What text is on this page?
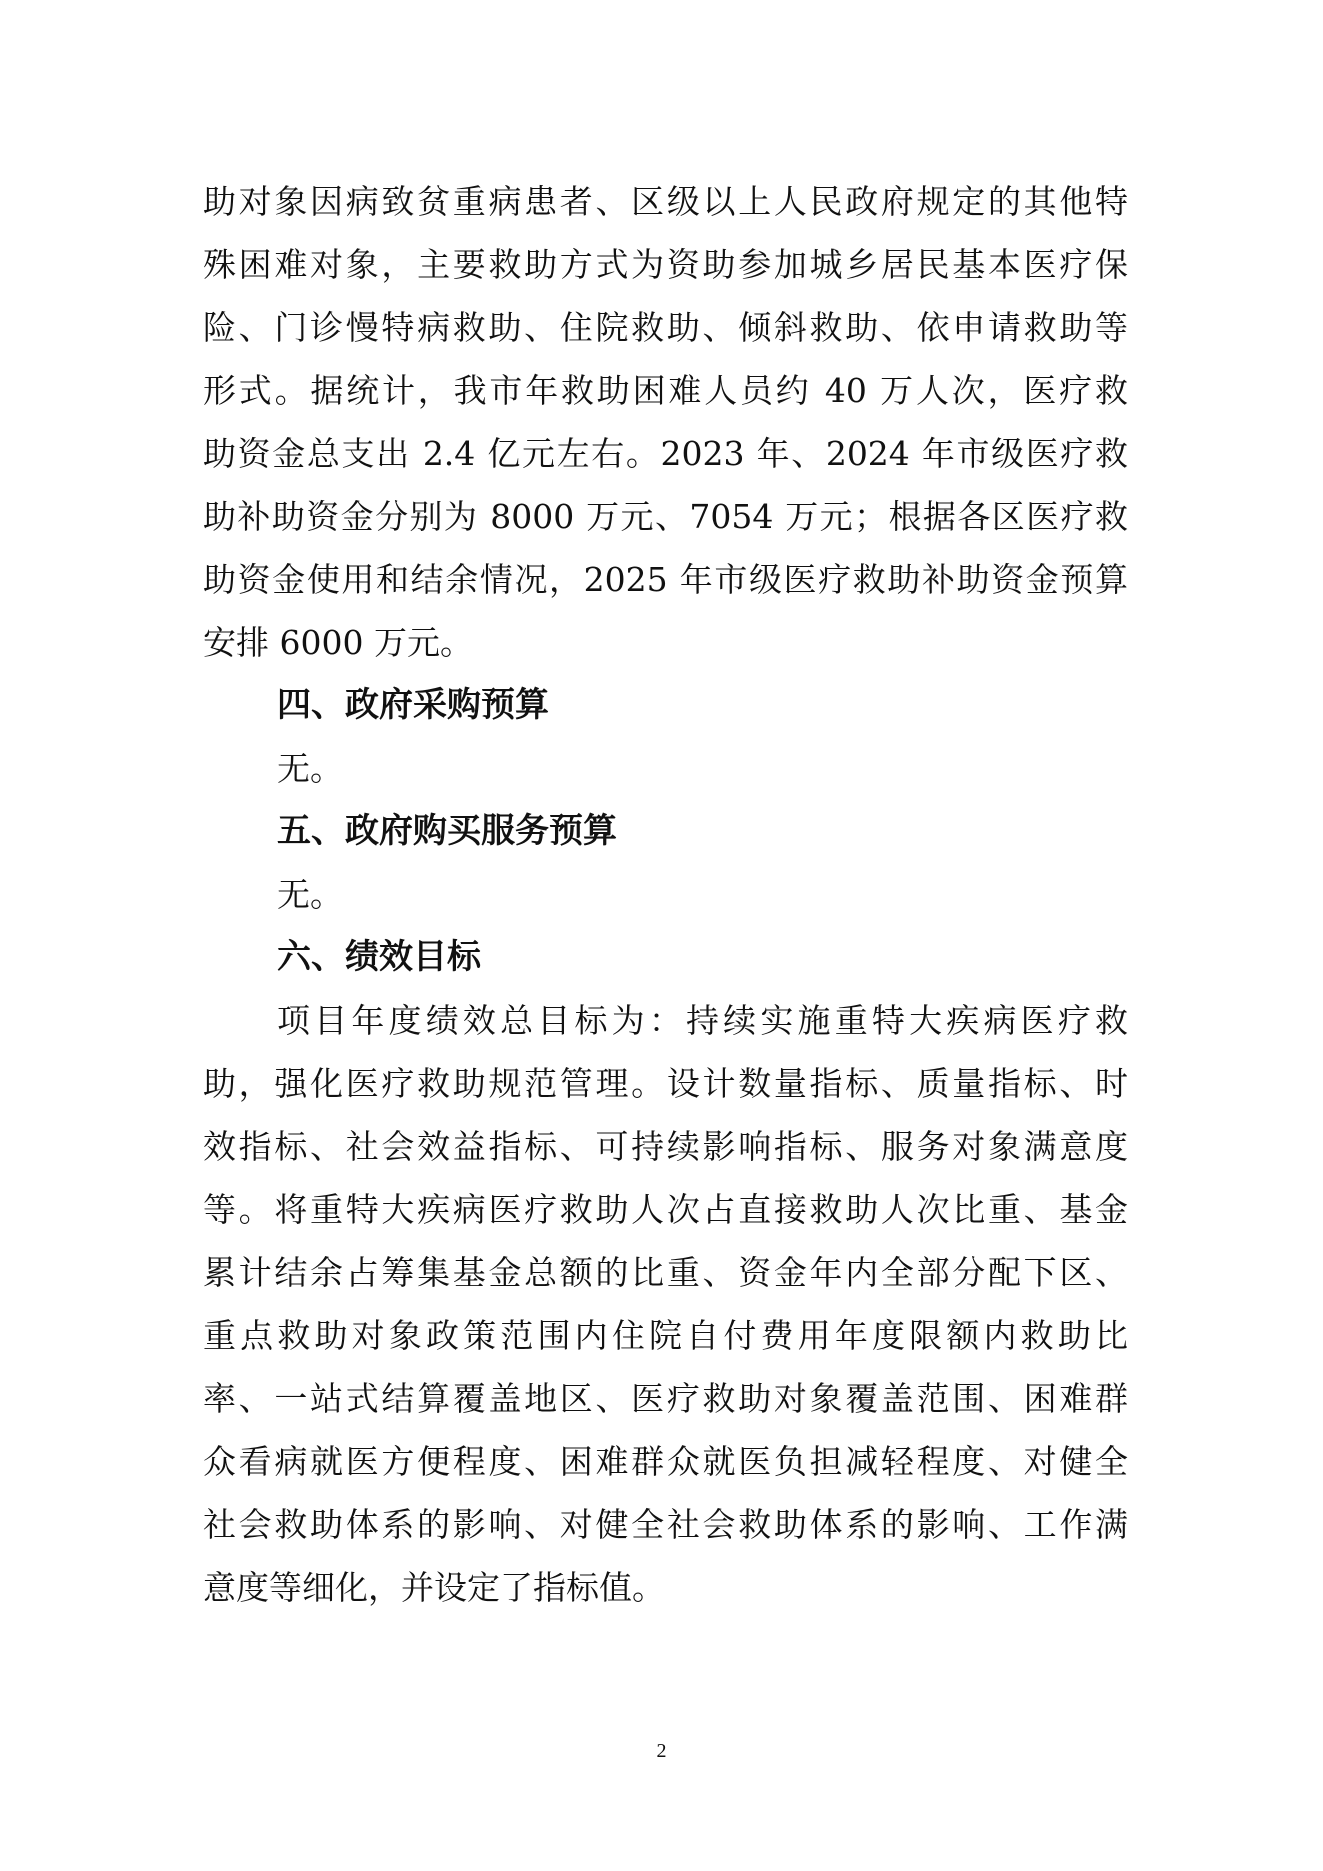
助对象因病致贫重病患者、区级以上人民政府规定的其他特
殊困难对象，主要救助方式为资助参加城乡居民基本医疗保
险、门诊慢特病救助、住院救助、倾斜救助、依申请救助等
形式。据统计，我市年救助困难人员约 40 万人次，医疗救
助资金总支出 2.4 亿元左右。2023 年、2024 年市级医疗救
助补助资金分别为 8000 万元、7054 万元；根据各区医疗救
助资金使用和结余情况，2025 年市级医疗救助补助资金预算
安排 6000 万元。
四、政府采购预算
无。
五、政府购买服务预算
无。
六、绩效目标
项目年度绩效总目标为：持续实施重特大疾病医疗救
助，强化医疗救助规范管理。设计数量指标、质量指标、时
效指标、社会效益指标、可持续影响指标、服务对象满意度
等。将重特大疾病医疗救助人次占直接救助人次比重、基金
累计结余占筹集基金总额的比重、资金年内全部分配下区、
重点救助对象政策范围内住院自付费用年度限额内救助比
率、一站式结算覆盖地区、医疗救助对象覆盖范围、困难群
众看病就医方便程度、困难群众就医负担减轻程度、对健全
社会救助体系的影响、对健全社会救助体系的影响、工作满
意度等细化，并设定了指标值。
2
